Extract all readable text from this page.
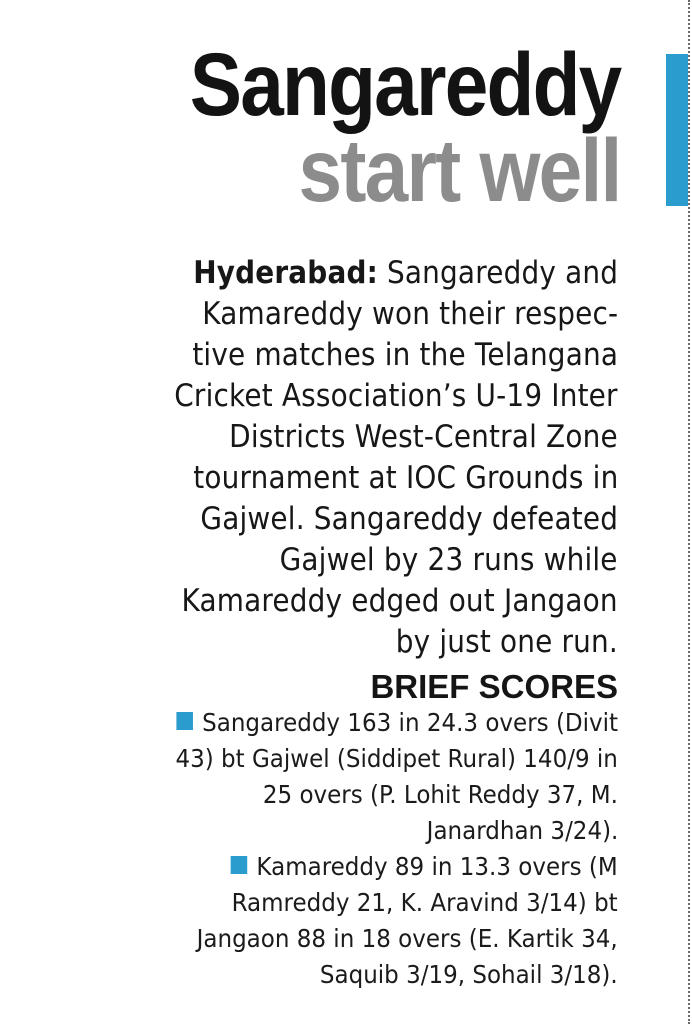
Sangareddy
start well
Hyderabad: Sangareddy and
Kamareddy won their respec-
tive matches in the Telangana
Cricket Association’s U-19 Inter
Districts West-Central Zone
tournament at IOC Grounds in
Gajwel. Sangareddy defeated
Gajwel by 23 runs while
Kamareddy edged out Jangaon
by just one run.
BRIEF SCORES
Sangareddy 163 in 24.3 overs (Divit
43) bt Gajwel (Siddipet Rural) 140/9 in
25 overs (P. Lohit Reddy 37, M.
Janardhan 3/24).
Kamareddy 89 in 13.3 overs (M
Ramreddy 21, K. Aravind 3/14) bt
Jangaon 88 in 18 overs (E. Kartik 34,
Saquib 3/19, Sohail 3/18).
